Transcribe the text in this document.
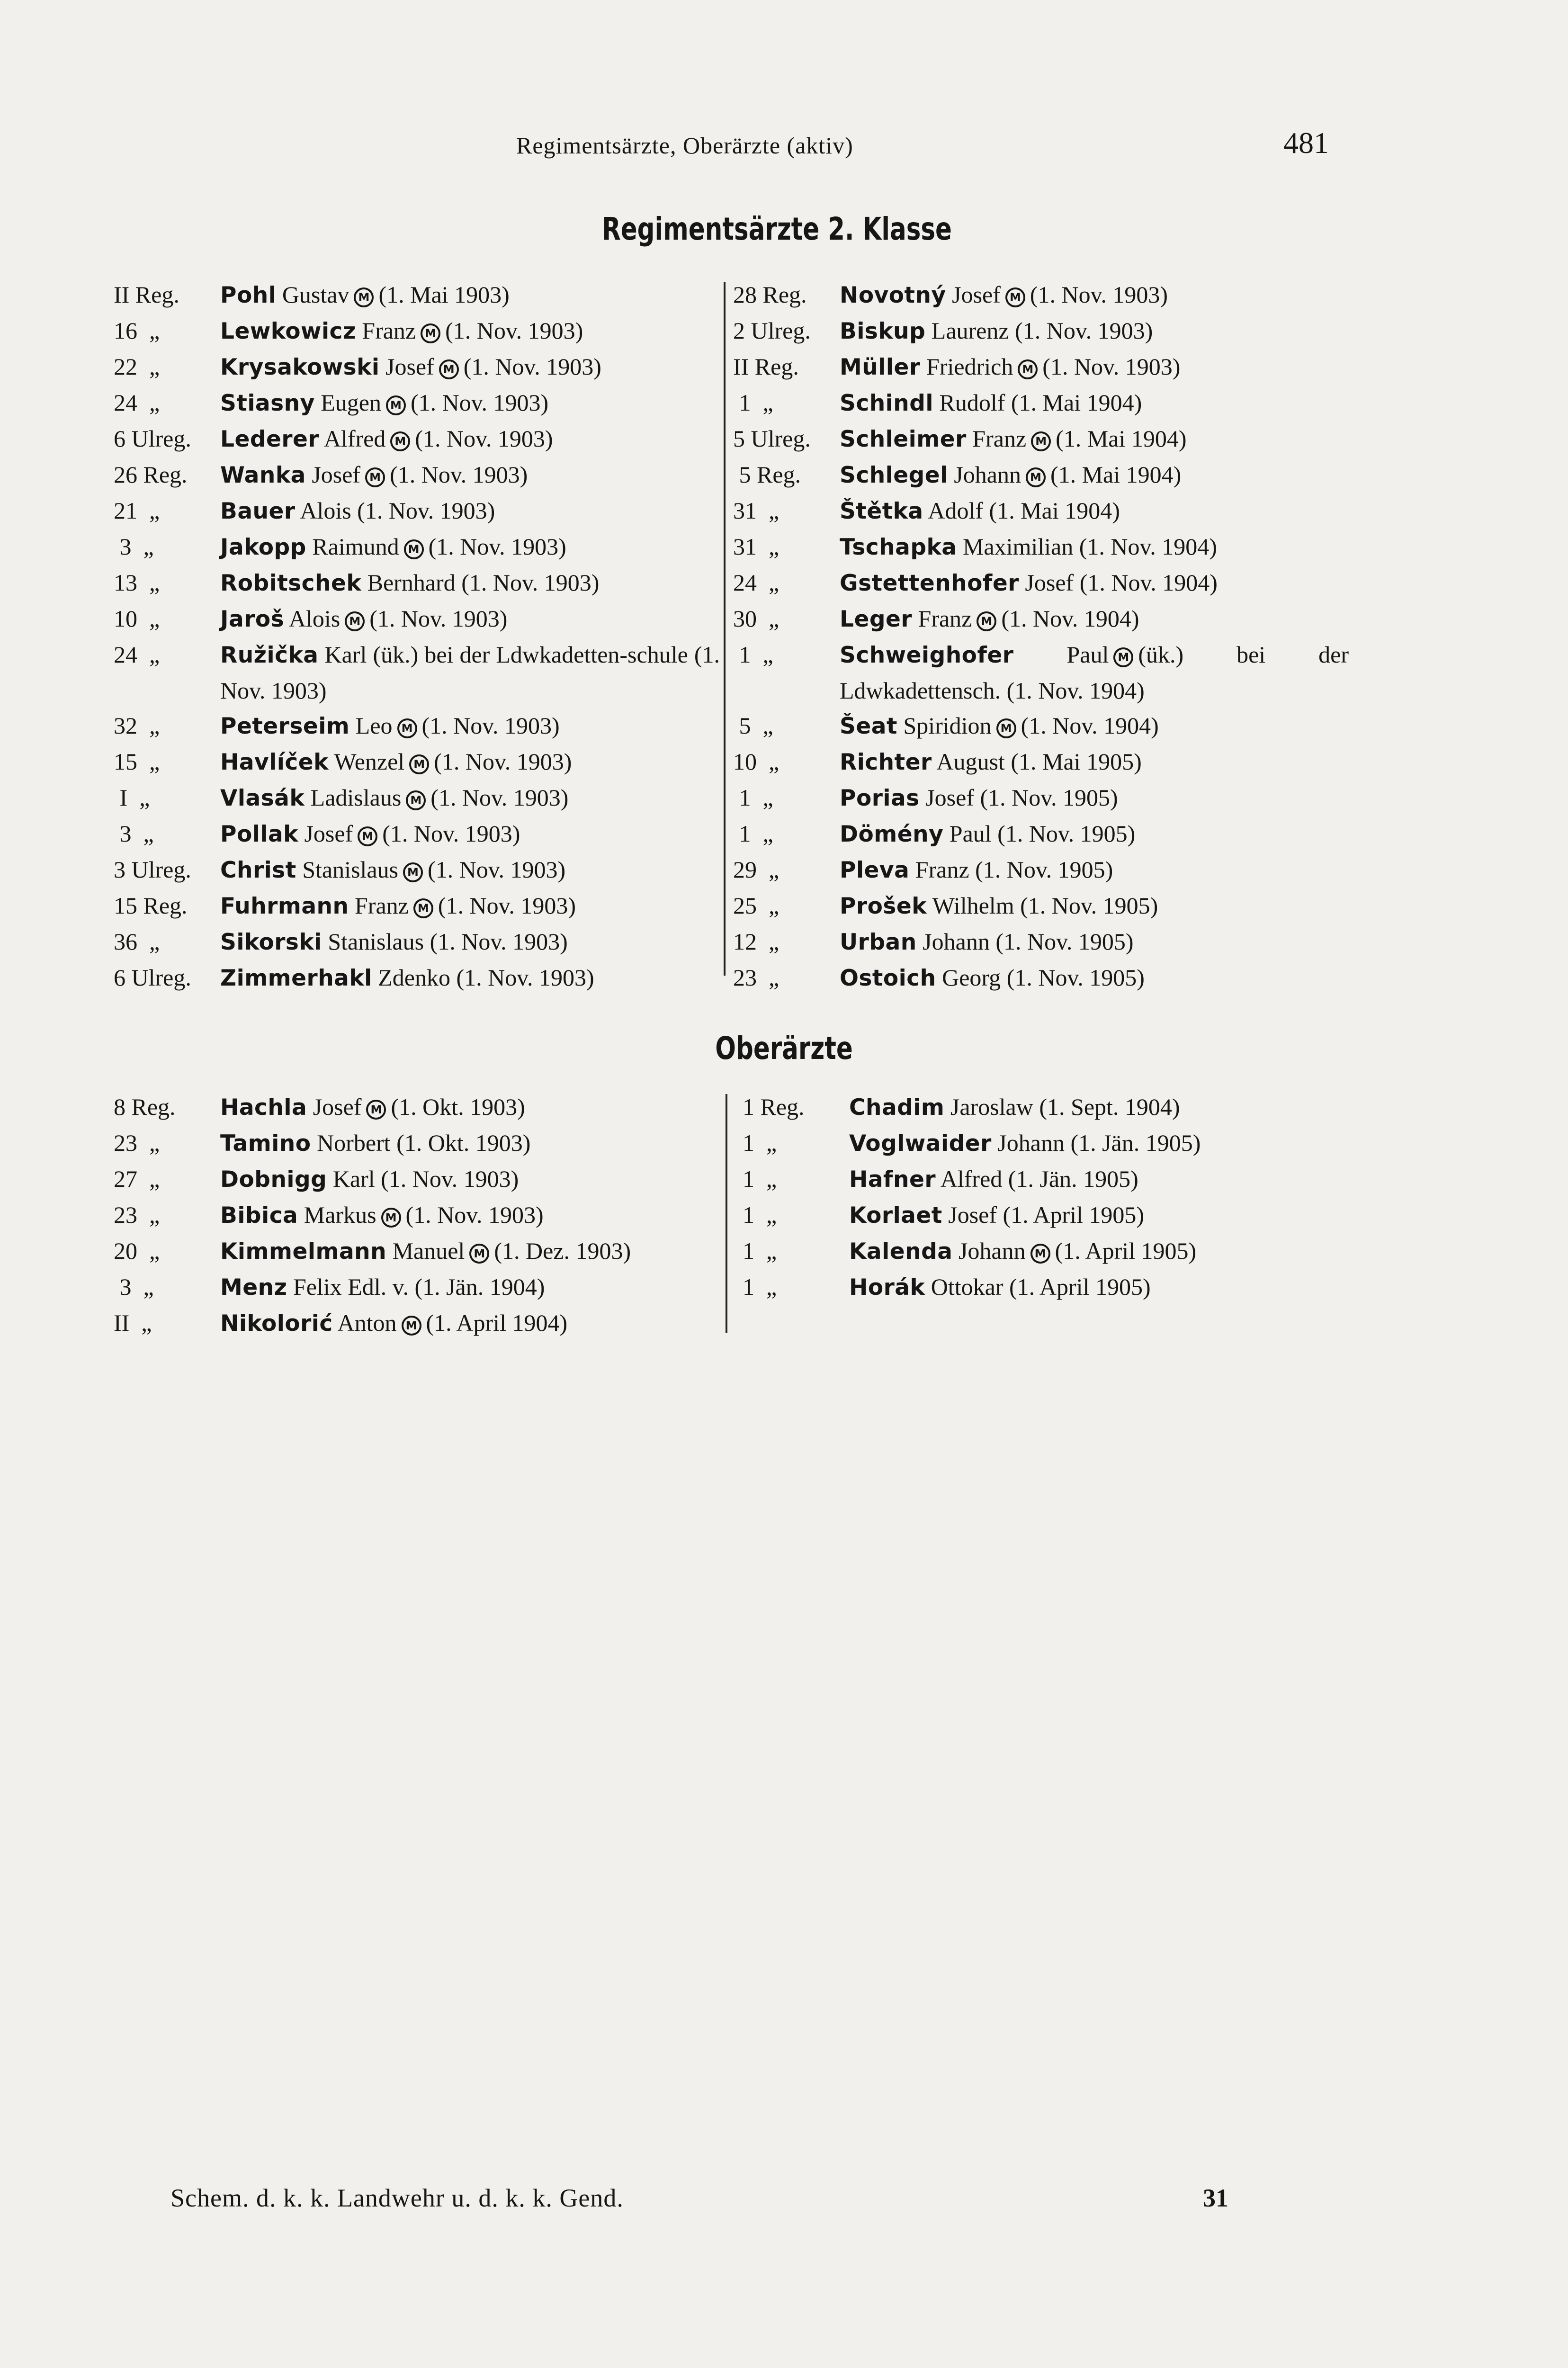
Regimentsärzte, Oberärzte (aktiv)	481
Regimentsärzte 2. Klasse
II Reg.	Pohl Gustav M (1. Mai 1903)
16  „	Lewkowicz Franz M (1. Nov. 1903)
22  „	Krysakowski Josef M (1. Nov. 1903)
24  „	Stiasny Eugen M (1. Nov. 1903)
6 Ulreg.	Lederer Alfred M (1. Nov. 1903)
26 Reg.	Wanka Josef M (1. Nov. 1903)
21  „	Bauer Alois (1. Nov. 1903)
3  „	Jakopp Raimund M (1. Nov. 1903)
13  „	Robitschek Bernhard (1. Nov. 1903)
10  „	Jaroš Alois M (1. Nov. 1903)
24  „	Ružička Karl (ük.) bei der Ldwkadetten-schule (1. Nov. 1903)
32  „	Peterseim Leo M (1. Nov. 1903)
15  „	Havlíček Wenzel M (1. Nov. 1903)
I  „	Vlasák Ladislaus M (1. Nov. 1903)
3  „	Pollak Josef M (1. Nov. 1903)
3 Ulreg.	Christ Stanislaus M (1. Nov. 1903)
15 Reg.	Fuhrmann Franz M (1. Nov. 1903)
36  „	Sikorski Stanislaus (1. Nov. 1903)
6 Ulreg.	Zimmerhakl Zdenko (1. Nov. 1903)
28 Reg.	Novotný Josef M (1. Nov. 1903)
2 Ulreg.	Biskup Laurenz (1. Nov. 1903)
II Reg.	Müller Friedrich M (1. Nov. 1903)
1  „	Schindl Rudolf (1. Mai 1904)
5 Ulreg.	Schleimer Franz M (1. Mai 1904)
5 Reg.	Schlegel Johann M (1. Mai 1904)
31  „	Štětka Adolf (1. Mai 1904)
31  „	Tschapka Maximilian (1. Nov. 1904)
24  „	Gstettenhofer Josef (1. Nov. 1904)
30  „	Leger Franz M (1. Nov. 1904)
1  „	Schweighofer Paul M (ük.) bei der Ldwkadettensch. (1. Nov. 1904)
5  „	Šeat Spiridion M (1. Nov. 1904)
10  „	Richter August (1. Mai 1905)
1  „	Porias Josef (1. Nov. 1905)
1  „	Dömény Paul (1. Nov. 1905)
29  „	Pleva Franz (1. Nov. 1905)
25  „	Prošek Wilhelm (1. Nov. 1905)
12  „	Urban Johann (1. Nov. 1905)
23  „	Ostoich Georg (1. Nov. 1905)
Oberärzte
8 Reg.	Hachla Josef M (1. Okt. 1903)
23  „	Tamino Norbert (1. Okt. 1903)
27  „	Dobnigg Karl (1. Nov. 1903)
23  „	Bibica Markus M (1. Nov. 1903)
20  „	Kimmelmann Manuel M (1. Dez. 1903)
3  „	Menz Felix Edl. v. (1. Jän. 1904)
II  „	Nikolorić Anton M (1. April 1904)
1 Reg.	Chadim Jaroslaw (1. Sept. 1904)
1  „	Voglwaider Johann (1. Jän. 1905)
1  „	Hafner Alfred (1. Jän. 1905)
1  „	Korlaet Josef (1. April 1905)
1  „	Kalenda Johann M (1. April 1905)
1  „	Horák Ottokar (1. April 1905)
Schem. d. k. k. Landwehr u. d. k. k. Gend.	31
